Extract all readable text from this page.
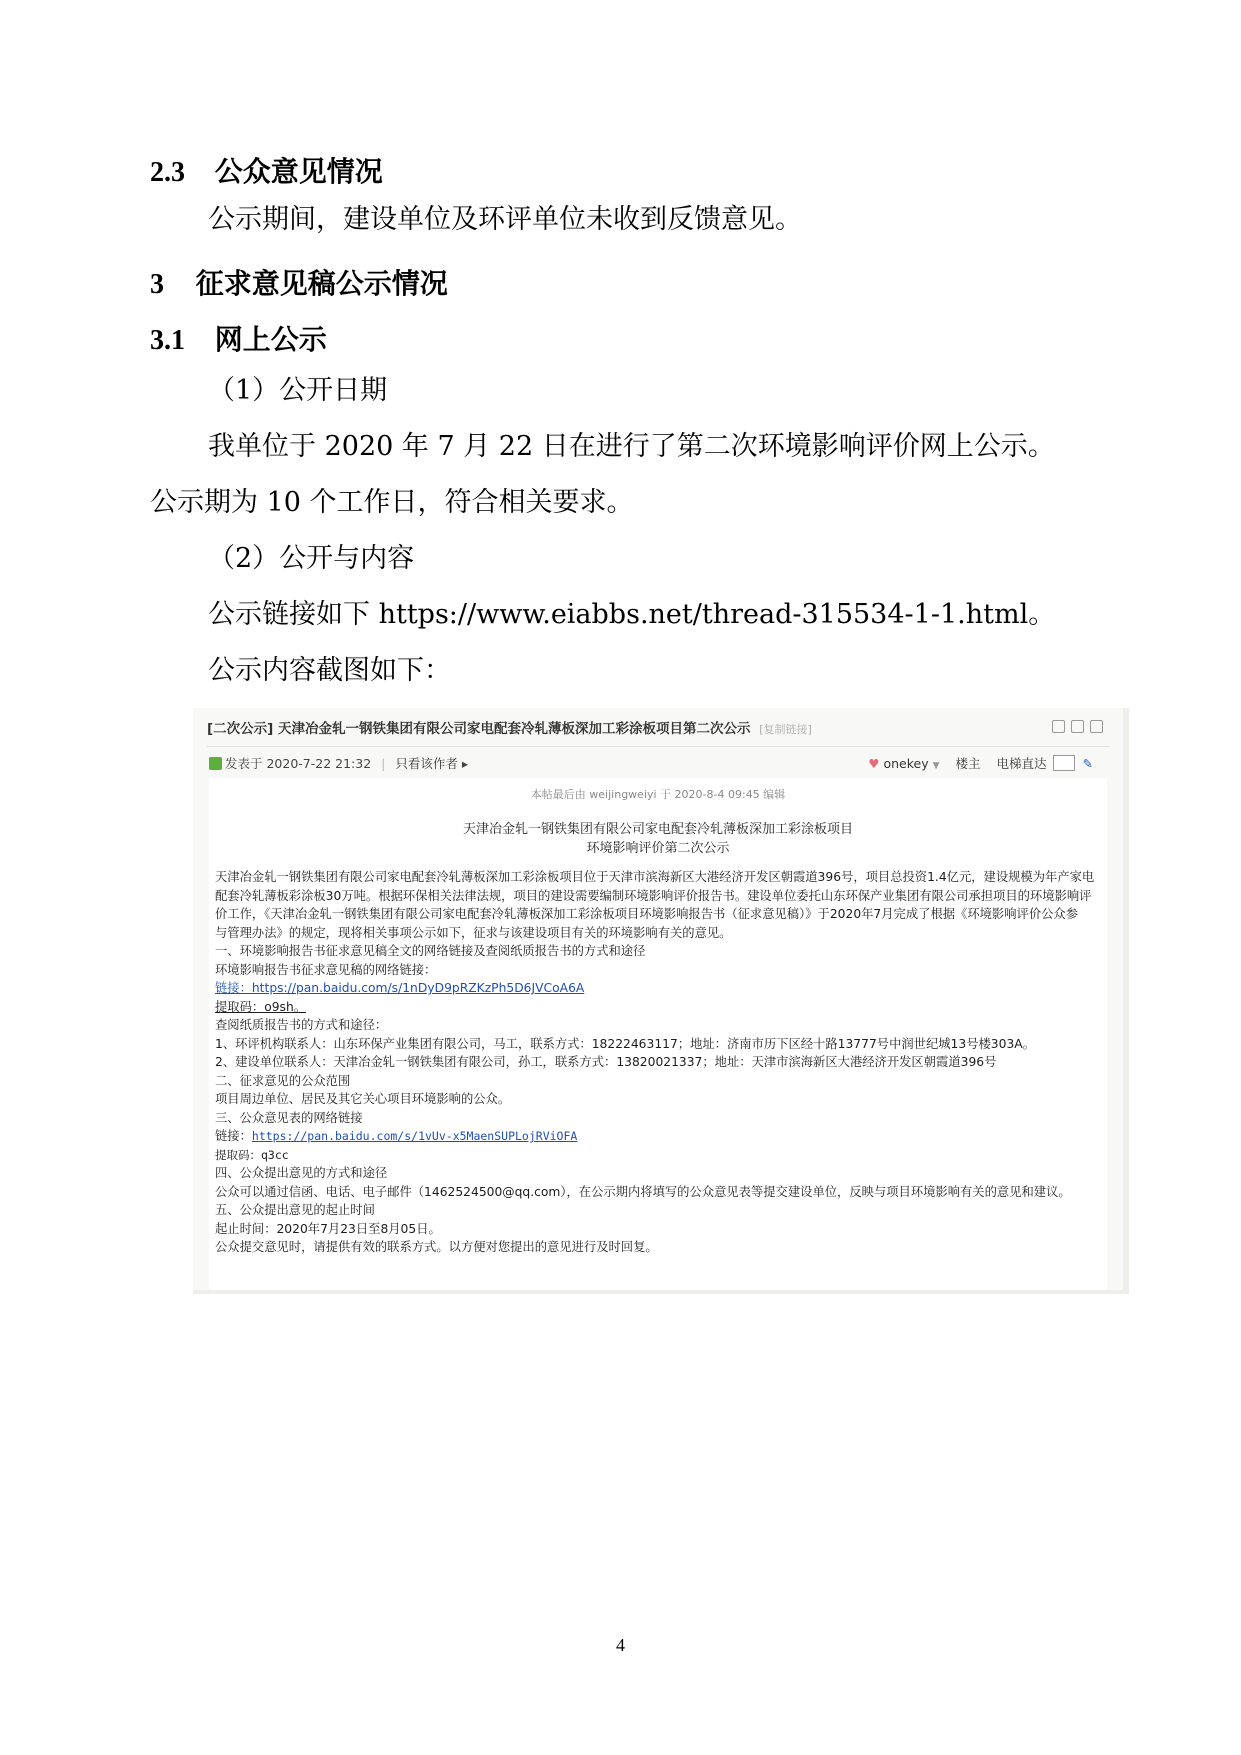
2.3 公众意见情况
公示期间，建设单位及环评单位未收到反馈意见。
3 征求意见稿公示情况
3.1 网上公示
（1）公开日期
我单位于 2020 年 7 月 22 日在进行了第二次环境影响评价网上公示。
公示期为 10 个工作日，符合相关要求。
（2）公开与内容
公示链接如下 https://www.eiabbs.net/thread-315534-1-1.html。
公示内容截图如下：
[二次公示] 天津冶金轧一钢铁集团有限公司家电配套冷轧薄板深加工彩涂板项目第二次公示 [复制链接]
发表于 2020-7-22 21:32 | 只看该作者 ▸	♥ onekey ▼ 楼主 电梯直达	✎
本帖最后由 weijingweiyi 于 2020-8-4 09:45 编辑
天津冶金轧一钢铁集团有限公司家电配套冷轧薄板深加工彩涂板项目
环境影响评价第二次公示
天津冶金轧一钢铁集团有限公司家电配套冷轧薄板深加工彩涂板项目位于天津市滨海新区大港经济开发区朝霞道396号，项目总投资1.4亿元，建设规模为年产家电
配套冷轧薄板彩涂板30万吨。根据环保相关法律法规，项目的建设需要编制环境影响评价报告书。建设单位委托山东环保产业集团有限公司承担项目的环境影响评
价工作，《天津冶金轧一钢铁集团有限公司家电配套冷轧薄板深加工彩涂板项目环境影响报告书（征求意见稿）》于2020年7月完成了根据《环境影响评价公众参
与管理办法》的规定，现将相关事项公示如下，征求与该建设项目有关的环境影响有关的意见。
一、环境影响报告书征求意见稿全文的网络链接及查阅纸质报告书的方式和途径
环境影响报告书征求意见稿的网络链接：
链接：https://pan.baidu.com/s/1nDyD9pRZKzPh5D6JVCoA6A
提取码：o9sh。
查阅纸质报告书的方式和途径：
1、环评机构联系人：山东环保产业集团有限公司，马工，联系方式：18222463117；地址：济南市历下区经十路13777号中润世纪城13号楼303A。
2、建设单位联系人：天津冶金轧一钢铁集团有限公司，孙工，联系方式：13820021337；地址：天津市滨海新区大港经济开发区朝霞道396号
二、征求意见的公众范围
项目周边单位、居民及其它关心项目环境影响的公众。
三、公众意见表的网络链接
链接：https://pan.baidu.com/s/1vUv-x5MaenSUPLojRViOFA
提取码：q3cc
四、公众提出意见的方式和途径
公众可以通过信函、电话、电子邮件（1462524500@qq.com），在公示期内将填写的公众意见表等提交建设单位，反映与项目环境影响有关的意见和建议。
五、公众提出意见的起止时间
起止时间：2020年7月23日至8月05日。
公众提交意见时，请提供有效的联系方式。以方便对您提出的意见进行及时回复。
4
